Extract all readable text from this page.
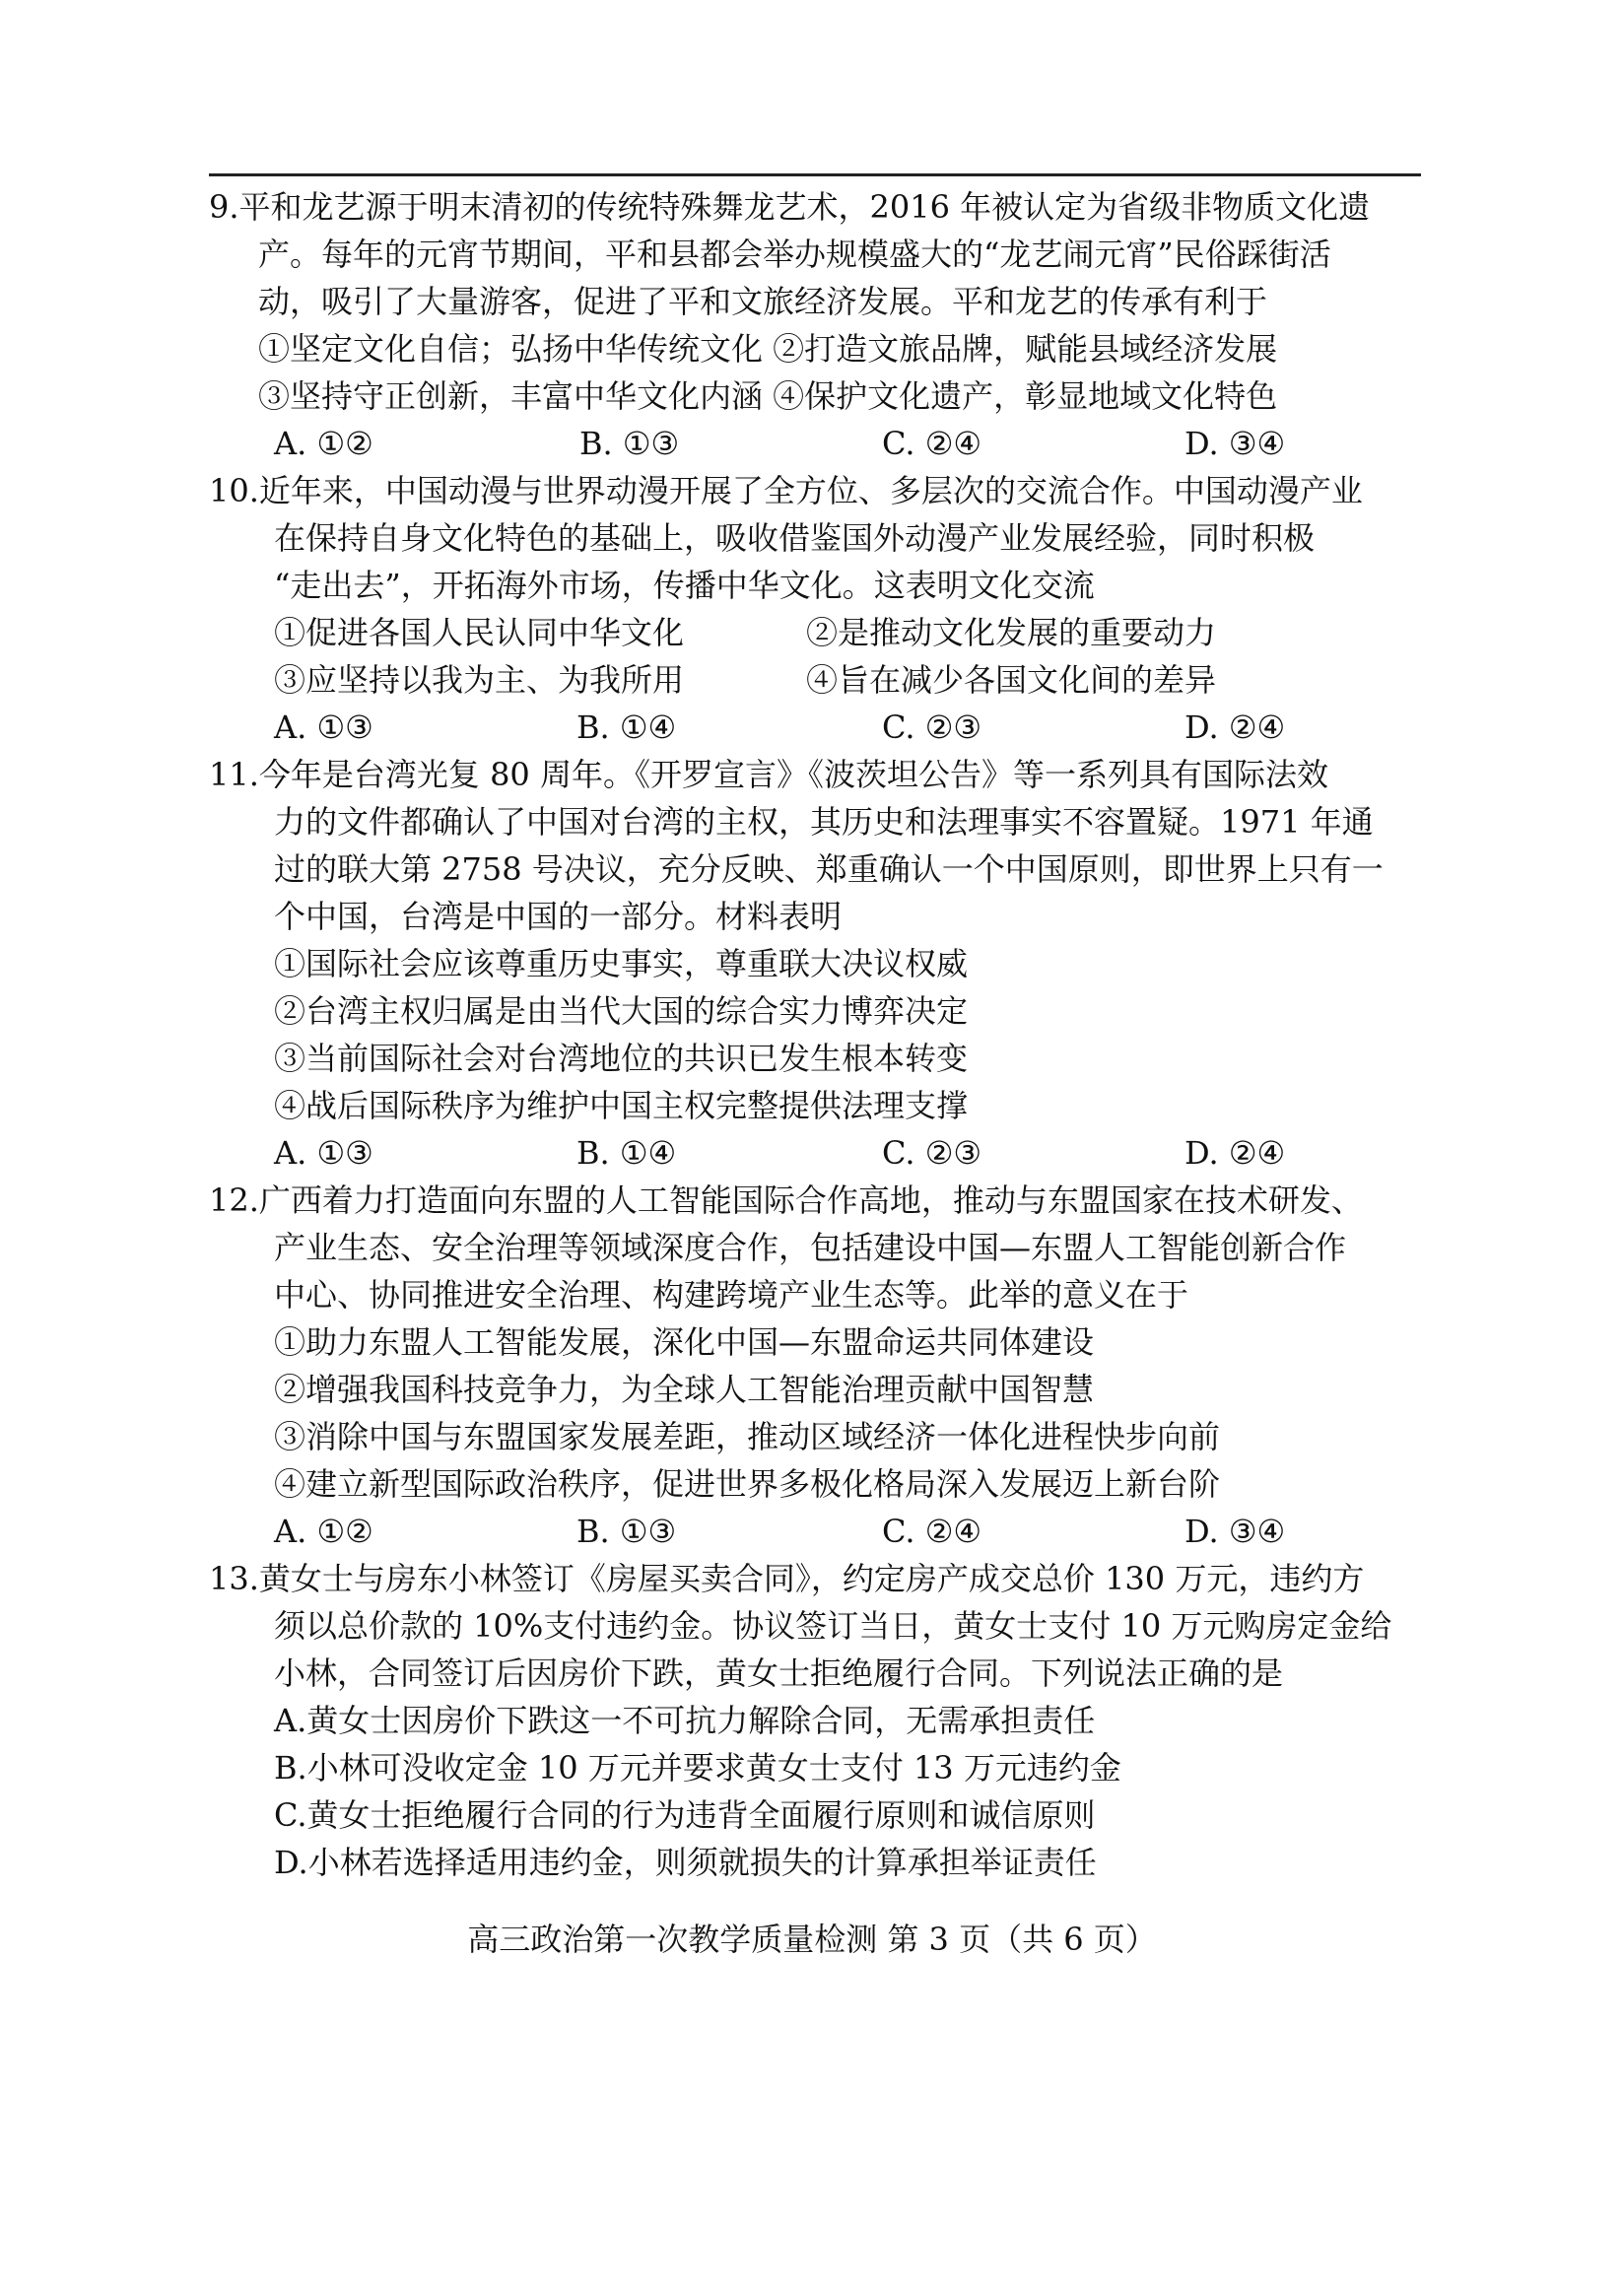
9.平和龙艺源于明末清初的传统特殊舞龙艺术，2016 年被认定为省级非物质文化遗
产。每年的元宵节期间，平和县都会举办规模盛大的“龙艺闹元宵”民俗踩街活
动，吸引了大量游客，促进了平和文旅经济发展。平和龙艺的传承有利于
①坚定文化自信；弘扬中华传统文化 ②打造文旅品牌，赋能县域经济发展
③坚持守正创新，丰富中华文化内涵 ④保护文化遗产，彰显地域文化特色
A. ①②	B. ①③	C. ②④	D. ③④
10.近年来，中国动漫与世界动漫开展了全方位、多层次的交流合作。中国动漫产业
在保持自身文化特色的基础上，吸收借鉴国外动漫产业发展经验，同时积极
“走出去”，开拓海外市场，传播中华文化。这表明文化交流
①促进各国人民认同中华文化	②是推动文化发展的重要动力
③应坚持以我为主、为我所用	④旨在减少各国文化间的差异
A. ①③	B. ①④	C. ②③	D. ②④
11.今年是台湾光复 80 周年。《开罗宣言》《波茨坦公告》等一系列具有国际法效
力的文件都确认了中国对台湾的主权，其历史和法理事实不容置疑。1971 年通
过的联大第 2758 号决议，充分反映、郑重确认一个中国原则，即世界上只有一
个中国，台湾是中国的一部分。材料表明
①国际社会应该尊重历史事实，尊重联大决议权威
②台湾主权归属是由当代大国的综合实力博弈决定
③当前国际社会对台湾地位的共识已发生根本转变
④战后国际秩序为维护中国主权完整提供法理支撑
A. ①③	B. ①④	C. ②③	D. ②④
12.广西着力打造面向东盟的人工智能国际合作高地，推动与东盟国家在技术研发、
产业生态、安全治理等领域深度合作，包括建设中国—东盟人工智能创新合作
中心、协同推进安全治理、构建跨境产业生态等。此举的意义在于
①助力东盟人工智能发展，深化中国—东盟命运共同体建设
②增强我国科技竞争力，为全球人工智能治理贡献中国智慧
③消除中国与东盟国家发展差距，推动区域经济一体化进程快步向前
④建立新型国际政治秩序，促进世界多极化格局深入发展迈上新台阶
A. ①②	B. ①③	C. ②④	D. ③④
13.黄女士与房东小林签订《房屋买卖合同》，约定房产成交总价 130 万元，违约方
须以总价款的 10%支付违约金。协议签订当日，黄女士支付 10 万元购房定金给
小林，合同签订后因房价下跌，黄女士拒绝履行合同。下列说法正确的是
A.黄女士因房价下跌这一不可抗力解除合同，无需承担责任
B.小林可没收定金 10 万元并要求黄女士支付 13 万元违约金
C.黄女士拒绝履行合同的行为违背全面履行原则和诚信原则
D.小林若选择适用违约金，则须就损失的计算承担举证责任
高三政治第一次教学质量检测 第 3 页（共 6 页）
